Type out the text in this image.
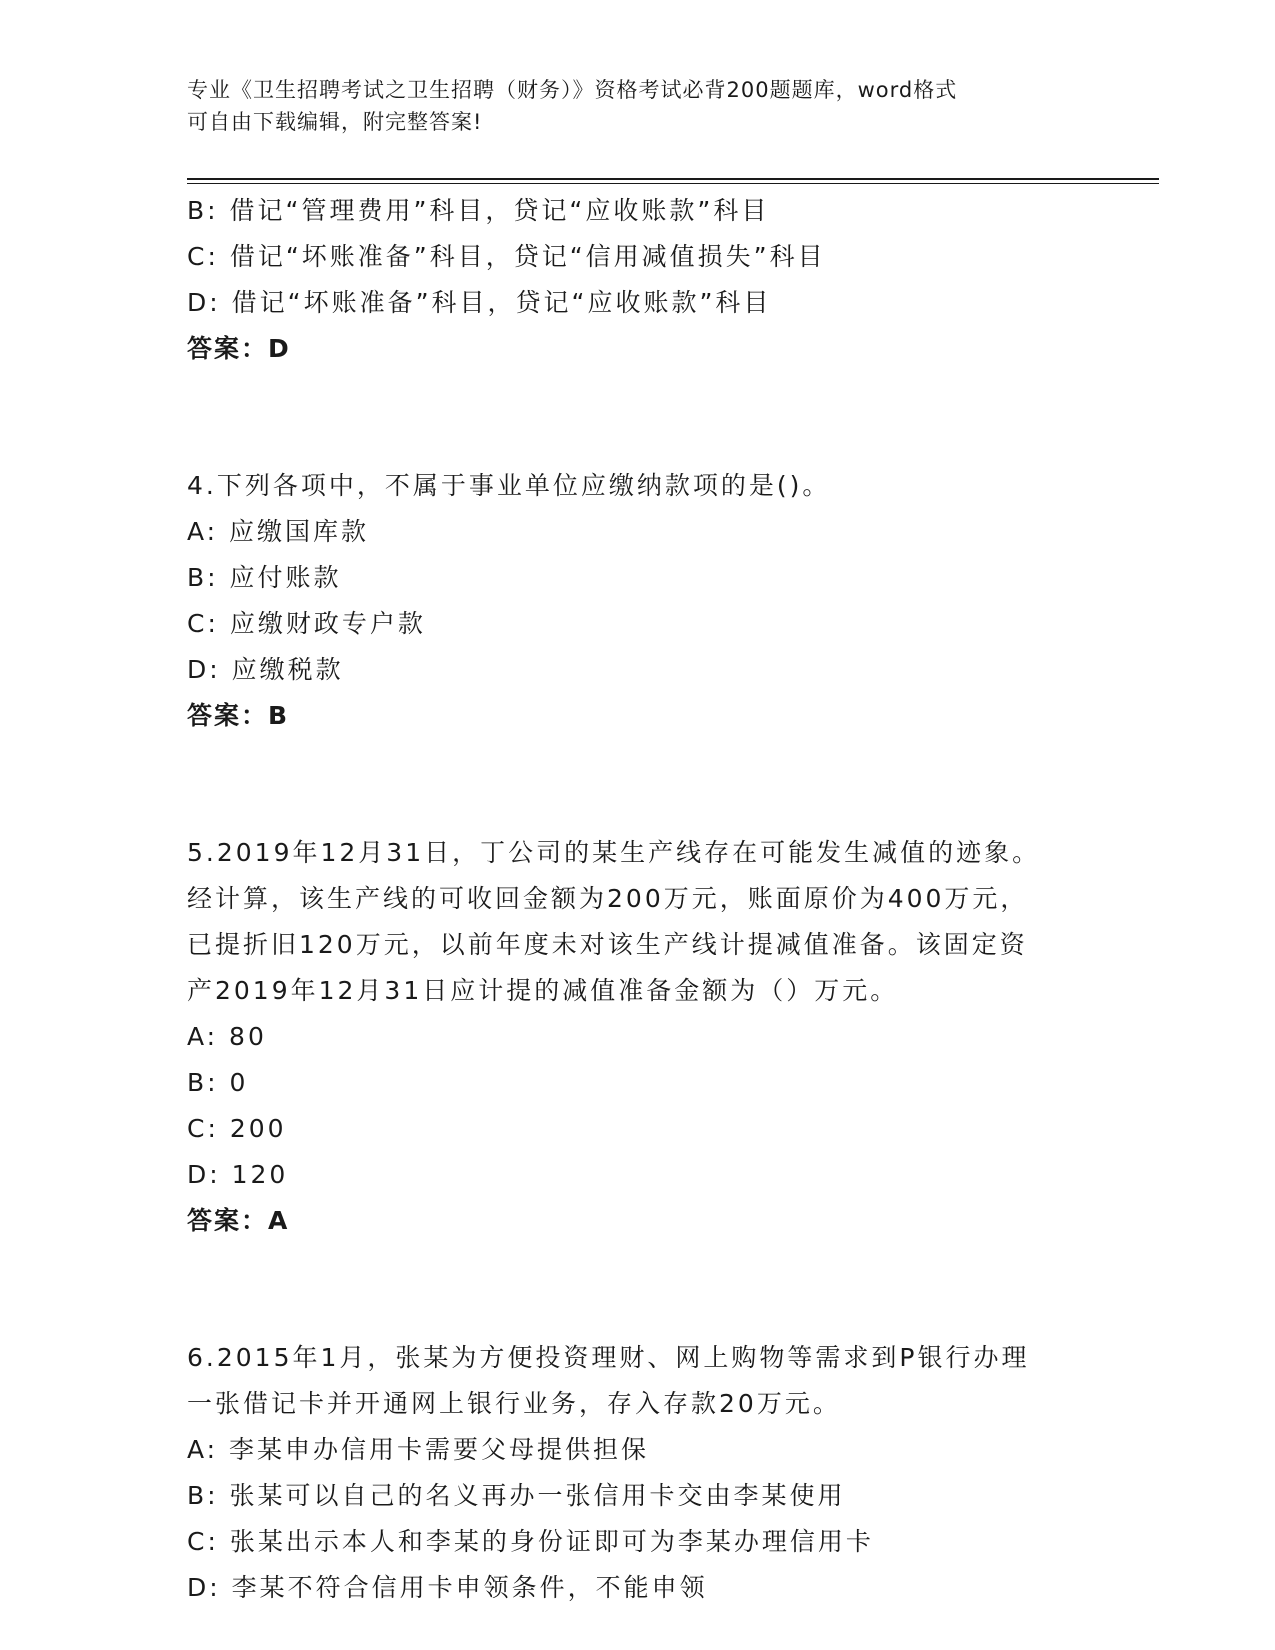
专业《卫生招聘考试之卫生招聘（财务）》资格考试必背200题题库，word格式
可自由下载编辑，附完整答案!
B: 借记“管理费用”科目，贷记“应收账款”科目
C: 借记“坏账准备”科目，贷记“信用减值损失”科目
D: 借记“坏账准备”科目，贷记“应收账款”科目
答案：D
4.下列各项中，不属于事业单位应缴纳款项的是()。
A: 应缴国库款
B: 应付账款
C: 应缴财政专户款
D: 应缴税款
答案：B
5.2019年12月31日，丁公司的某生产线存在可能发生减值的迹象。
经计算，该生产线的可收回金额为200万元，账面原价为400万元，
已提折旧120万元，以前年度未对该生产线计提减值准备。该固定资
产2019年12月31日应计提的减值准备金额为（）万元。
A: 80
B: 0
C: 200
D: 120
答案：A
6.2015年1月，张某为方便投资理财、网上购物等需求到P银行办理
一张借记卡并开通网上银行业务，存入存款20万元。
A: 李某申办信用卡需要父母提供担保
B: 张某可以自己的名义再办一张信用卡交由李某使用
C: 张某出示本人和李某的身份证即可为李某办理信用卡
D: 李某不符合信用卡申领条件，不能申领
